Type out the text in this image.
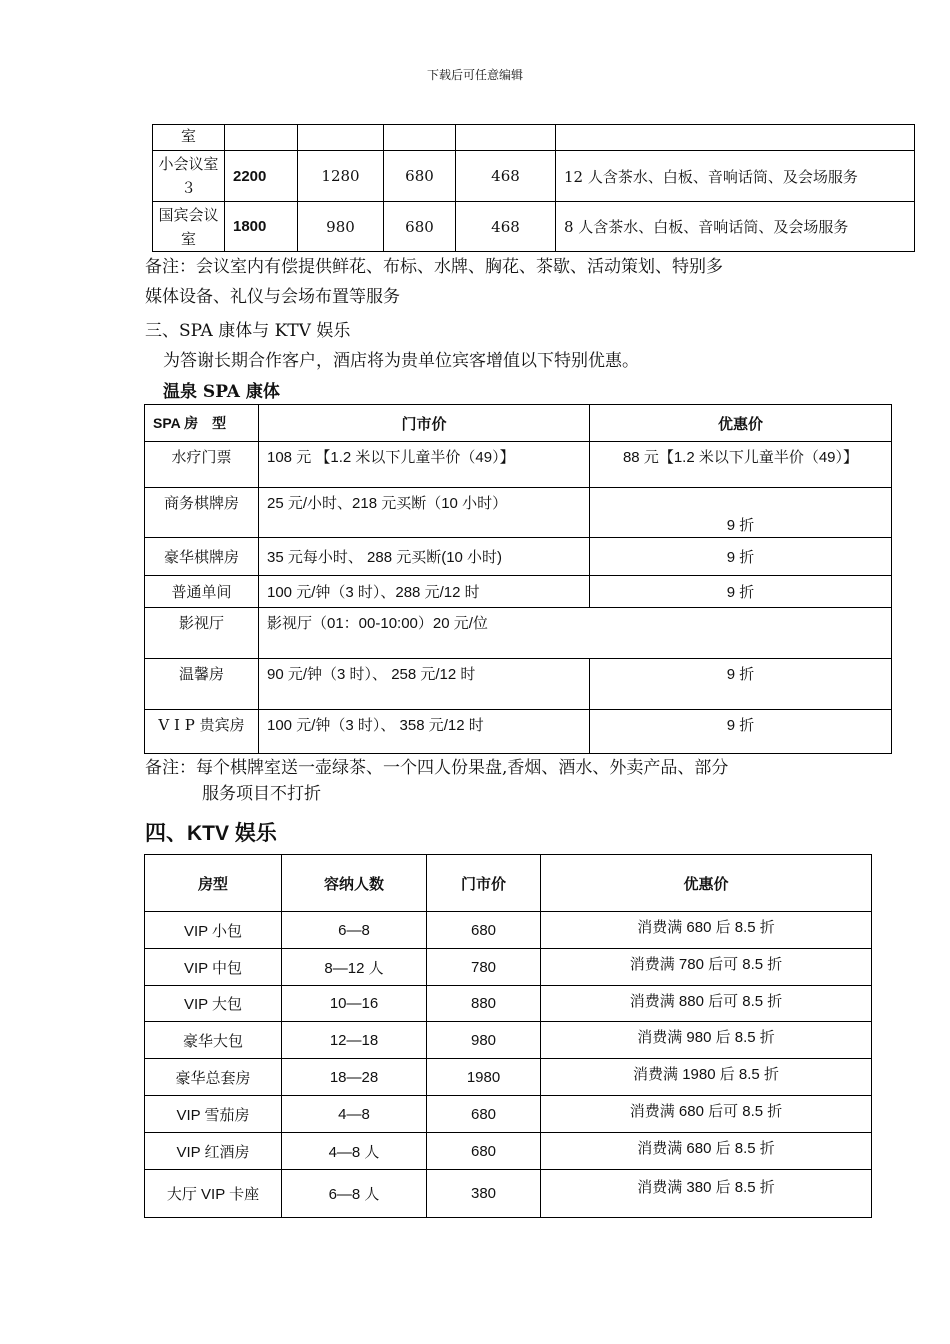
下载后可任意编辑
室					
小会议室３	2200	1280	680	468	12 人含茶水、白板、音响话筒、及会场服务
国宾会议室	1800	980	680	468	8 人含茶水、白板、音响话筒、及会场服务
备注：会议室内有偿提供鲜花、布标、水牌、胸花、茶歇、活动策划、特别多
媒体设备、礼仪与会场布置等服务
三、SPA 康体与 KTV 娱乐
为答谢长期合作客户，酒店将为贵单位宾客增值以下特别优惠。
温泉 SPA 康体
SPA 房　型	门市价	优惠价
水疗门票	108 元 【1.2 米以下儿童半价（49）】	88 元【1.2 米以下儿童半价（49）】
商务棋牌房	25 元/小时、218 元买断（10 小时）	9 折
豪华棋牌房	35 元每小时、 288 元买断(10 小时)	9 折
普通单间	100 元/钟（3 时）、288 元/12 时	9 折
影视厅	影视厅（01：00-10:00）20 元/位	
温馨房	90 元/钟（3 时）、 258 元/12 时	9 折
V I P 贵宾房	100 元/钟（3 时）、 358 元/12 时	9 折
备注：每个棋牌室送一壶绿茶、一个四人份果盘,香烟、酒水、外卖产品、部分
服务项目不打折
四、KTV 娱乐
房型	容纳人数	门市价	优惠价
VIP 小包	6—8	680	消费满 680 后 8.5 折
VIP 中包	8—12 人	780	消费满 780 后可 8.5 折
VIP 大包	10—16	880	消费满 880 后可 8.5 折
豪华大包	12—18	980	消费满 980 后 8.5 折
豪华总套房	18—28	1980	消费满 1980 后 8.5 折
VIP 雪茄房	4—8	680	消费满 680 后可 8.5 折
VIP 红酒房	4—8 人	680	消费满 680 后 8.5 折
大厅 VIP 卡座	6—8 人	380	消费满 380 后 8.5 折
